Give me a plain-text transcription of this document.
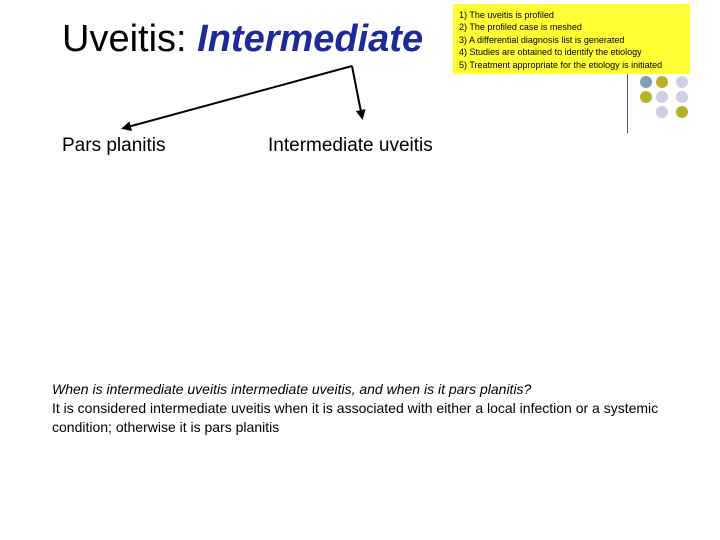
Uveitis: Intermediate
1) The uveitis is profiled
2) The profiled case is meshed
3) A differential diagnosis list is generated
4) Studies are obtained to identify the etiology
5) Treatment appropriate for the etiology is initiated

Pars planitis	Intermediate uveitis

When is intermediate uveitis intermediate uveitis, and when is it pars planitis?
It is considered intermediate uveitis when it is associated with either a local infection or a systemic condition; otherwise it is pars planitis
